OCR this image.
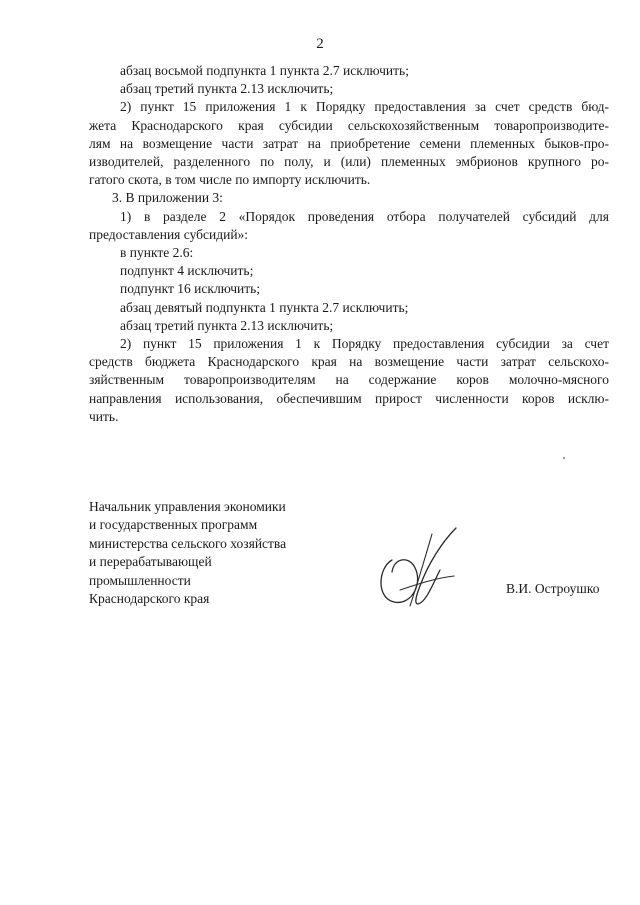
2
абзац восьмой подпункта 1 пункта 2.7 исключить;
абзац третий пункта 2.13 исключить;
2) пункт 15 приложения 1 к Порядку предоставления за счет средств бюд-
жета Краснодарского края субсидии сельскохозяйственным товаропроизводите-
лям на возмещение части затрат на приобретение семени племенных быков-про-
изводителей, разделенного по полу, и (или) племенных эмбрионов крупного ро-
гатого скота, в том числе по импорту исключить.
3. В приложении 3:
1) в разделе 2 «Порядок проведения отбора получателей субсидий для
предоставления субсидий»:
в пункте 2.6:
подпункт 4 исключить;
подпункт 16 исключить;
абзац девятый подпункта 1 пункта 2.7 исключить;
абзац третий пункта 2.13 исключить;
2) пункт 15 приложения 1 к Порядку предоставления субсидии за счет
средств бюджета Краснодарского края на возмещение части затрат сельскохо-
зяйственным товаропроизводителям на содержание коров молочно-мясного
направления использования, обеспечившим прирост численности коров исклю-
чить.
Начальник управления экономики
и государственных программ
министерства сельского хозяйства
и перерабатывающей
промышленности
Краснодарского края
В.И. Остроушко
